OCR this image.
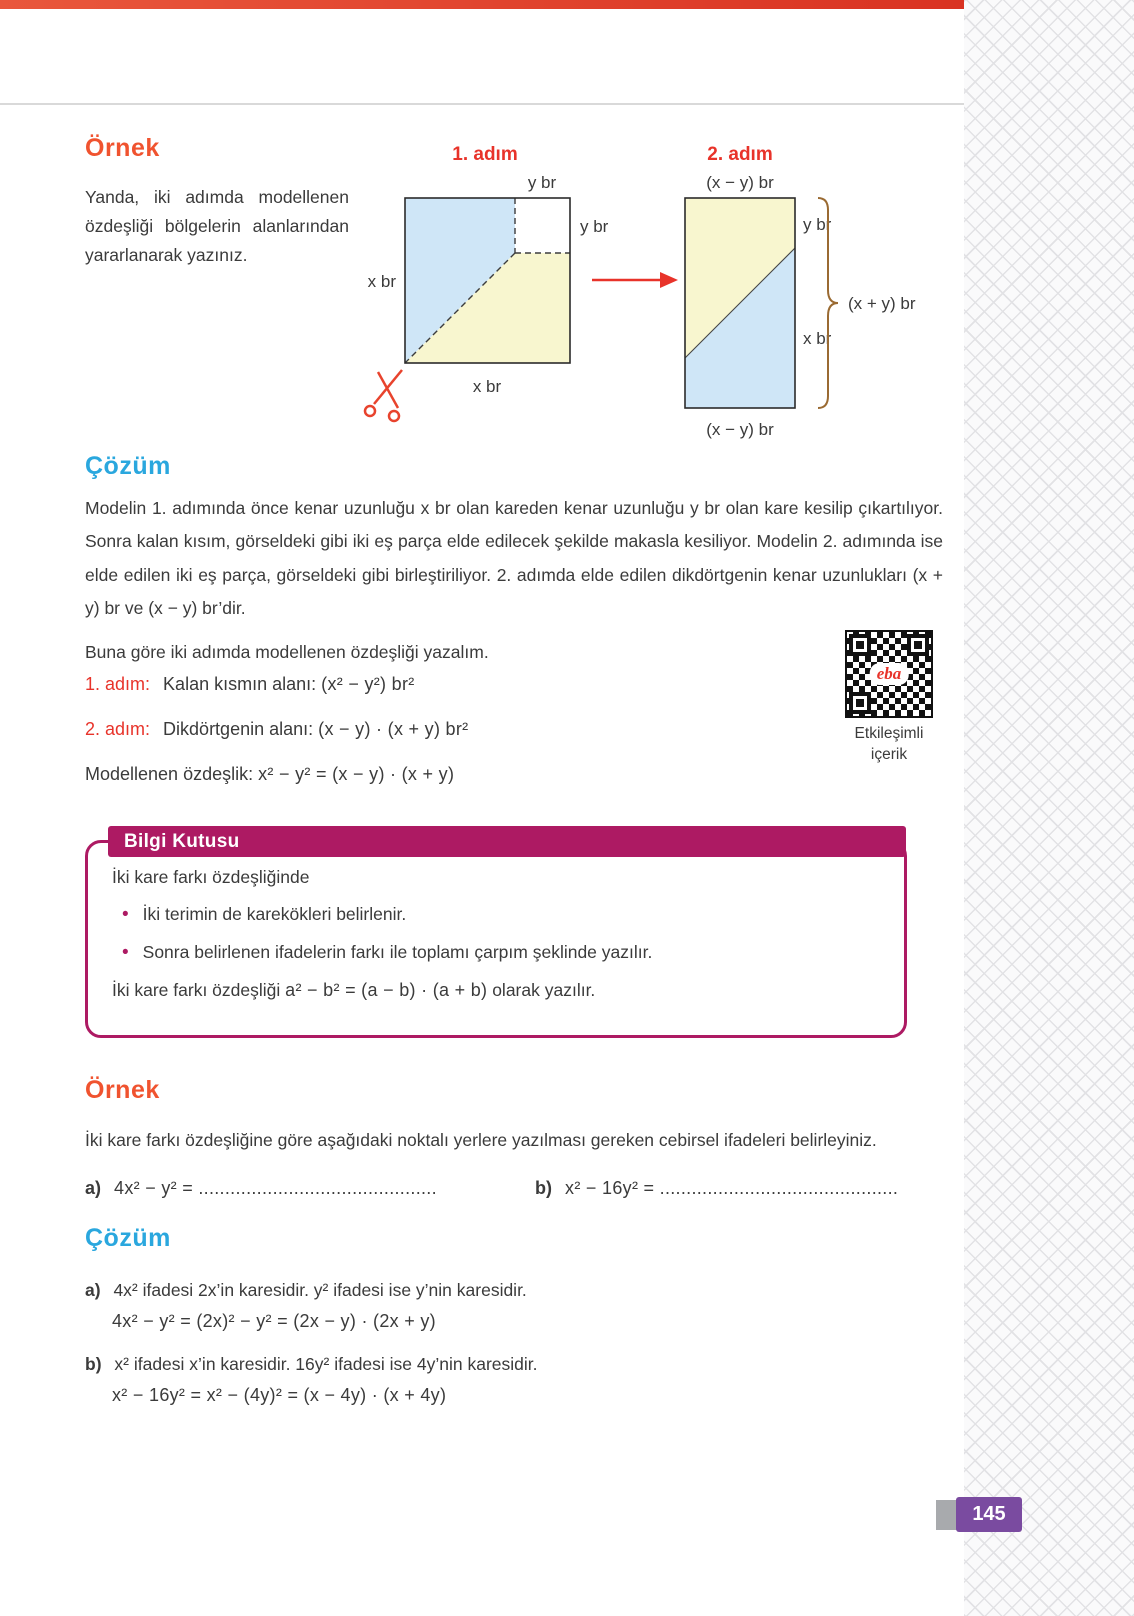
Örnek
Yanda, iki adımda modellenen özdeşliği bölgelerin alanlarından yararlanarak yazınız.
1. adım
y br
y br
x br
x br
2. adım
(x − y) br
y br
x br
(x + y) br
(x − y) br
Çözüm
Modelin 1. adımında önce kenar uzunluğu x br olan kareden kenar uzunluğu y br olan kare kesilip çıkartılıyor. Sonra kalan kısım, görseldeki gibi iki eş parça elde edilecek şekilde makasla kesiliyor. Modelin 2. adımında ise elde edilen iki eş parça, görseldeki gibi birleştiriliyor. 2. adımda elde edilen dikdörtgenin kenar uzunlukları (x + y) br ve (x − y) br’dir.
Buna göre iki adımda modellenen özdeşliği yazalım.
1. adım: Kalan kısmın alanı: (x² − y²) br²
2. adım: Dikdörtgenin alanı: (x − y) · (x + y) br²
Modellenen özdeşlik: x² − y² = (x − y) · (x + y)
eba
Etkileşimli
içerik
İki kare farkı özdeşliğinde
• İki terimin de karekökleri belirlenir.
• Sonra belirlenen ifadelerin farkı ile toplamı çarpım şeklinde yazılır.
İki kare farkı özdeşliği a² − b² = (a − b) · (a + b) olarak yazılır.
Bilgi Kutusu
Örnek
İki kare farkı özdeşliğine göre aşağıdaki noktalı yerlere yazılması gereken cebirsel ifadeleri belirleyiniz.
a) 4x² − y² = .............................................	b) x² − 16y² = .............................................
Çözüm
a) 4x² ifadesi 2x’in karesidir. y² ifadesi ise y’nin karesidir.
4x² − y² = (2x)² − y² = (2x − y) · (2x + y)
b) x² ifadesi x’in karesidir. 16y² ifadesi ise 4y’nin karesidir.
x² − 16y² = x² − (4y)² = (x − 4y) · (x + 4y)
145
